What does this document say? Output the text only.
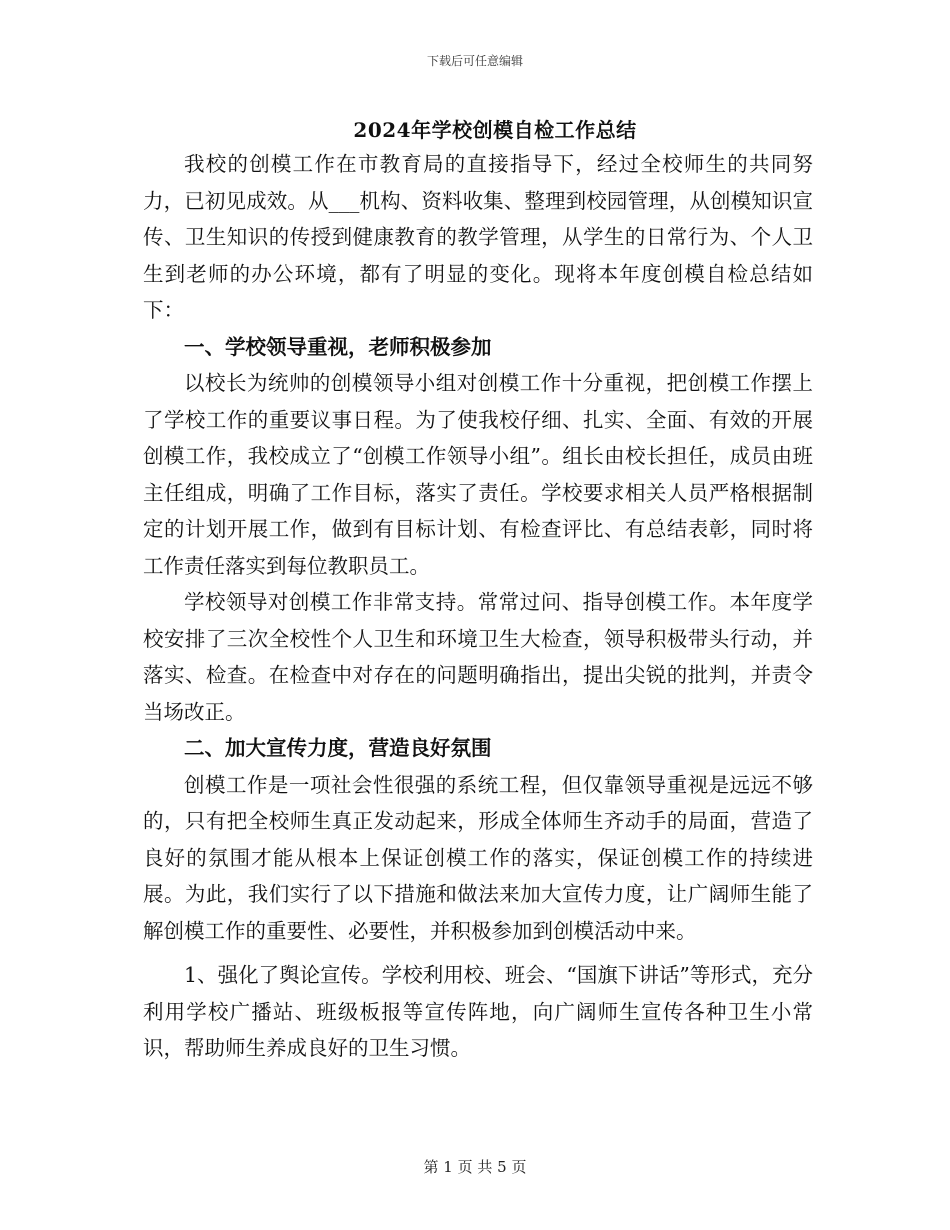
下载后可任意编辑
2024年学校创模自检工作总结

我校的创模工作在市教育局的直接指导下，经过全校师生的共同努力，已初见成效。从___机构、资料收集、整理到校园管理，从创模知识宣传、卫生知识的传授到健康教育的教学管理，从学生的日常行为、个人卫生到老师的办公环境，都有了明显的变化。现将本年度创模自检总结如下：

一、学校领导重视，老师积极参加

以校长为统帅的创模领导小组对创模工作十分重视，把创模工作摆上了学校工作的重要议事日程。为了使我校仔细、扎实、全面、有效的开展创模工作，我校成立了“创模工作领导小组”。组长由校长担任，成员由班主任组成，明确了工作目标，落实了责任。学校要求相关人员严格根据制定的计划开展工作，做到有目标计划、有检查评比、有总结表彰，同时将工作责任落实到每位教职员工。

学校领导对创模工作非常支持。常常过问、指导创模工作。本年度学校安排了三次全校性个人卫生和环境卫生大检查，领导积极带头行动，并落实、检查。在检查中对存在的问题明确指出，提出尖锐的批判，并责令当场改正。

二、加大宣传力度，营造良好氛围

创模工作是一项社会性很强的系统工程，但仅靠领导重视是远远不够的，只有把全校师生真正发动起来，形成全体师生齐动手的局面，营造了良好的氛围才能从根本上保证创模工作的落实，保证创模工作的持续进展。为此，我们实行了以下措施和做法来加大宣传力度，让广阔师生能了解创模工作的重要性、必要性，并积极参加到创模活动中来。

1、强化了舆论宣传。学校利用校、班会、“国旗下讲话”等形式，充分利用学校广播站、班级板报等宣传阵地，向广阔师生宣传各种卫生小常识，帮助师生养成良好的卫生习惯。

第 1 页 共 5 页
